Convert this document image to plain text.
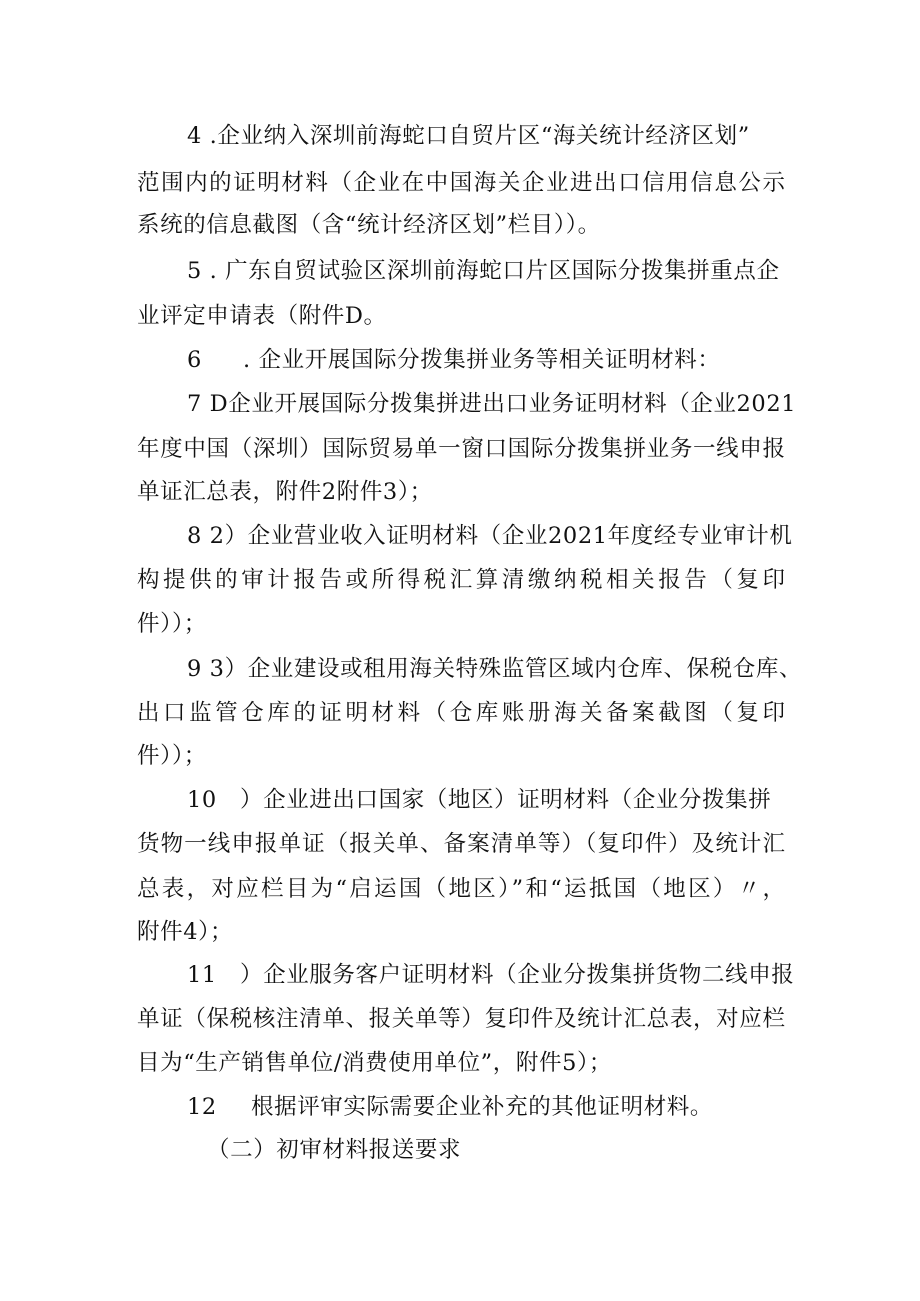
4 .企业纳入深圳前海蛇口自贸片区“海关统计经济区划”
范围内的证明材料（企业在中国海关企业进出口信用信息公示
系统的信息截图（含“统计经济区划”栏目））。
5 . 广东自贸试验区深圳前海蛇口片区国际分拨集拼重点企
业评定申请表（附件D。
6 . 企业开展国际分拨集拼业务等相关证明材料：
7 D企业开展国际分拨集拼进出口业务证明材料（企业2021
年度中国（深圳）国际贸易单一窗口国际分拨集拼业务一线申报
单证汇总表，附件2附件3）；
8 2）企业营业收入证明材料（企业2021年度经专业审计机
构提供的审计报告或所得税汇算清缴纳税相关报告（复印
件））；
9 3）企业建设或租用海关特殊监管区域内仓库、保税仓库、
出口监管仓库的证明材料（仓库账册海关备案截图（复印
件））；
10 ）企业进出口国家（地区）证明材料（企业分拨集拼
货物一线申报单证（报关单、备案清单等）（复印件）及统计汇
总表，对应栏目为“启运国（地区）”和“运抵国（地区）〃，
附件4）；
11 ）企业服务客户证明材料（企业分拨集拼货物二线申报
单证（保税核注清单、报关单等）复印件及统计汇总表，对应栏
目为“生产销售单位/消费使用单位”，附件5）；
12 根据评审实际需要企业补充的其他证明材料。
（二）初审材料报送要求
